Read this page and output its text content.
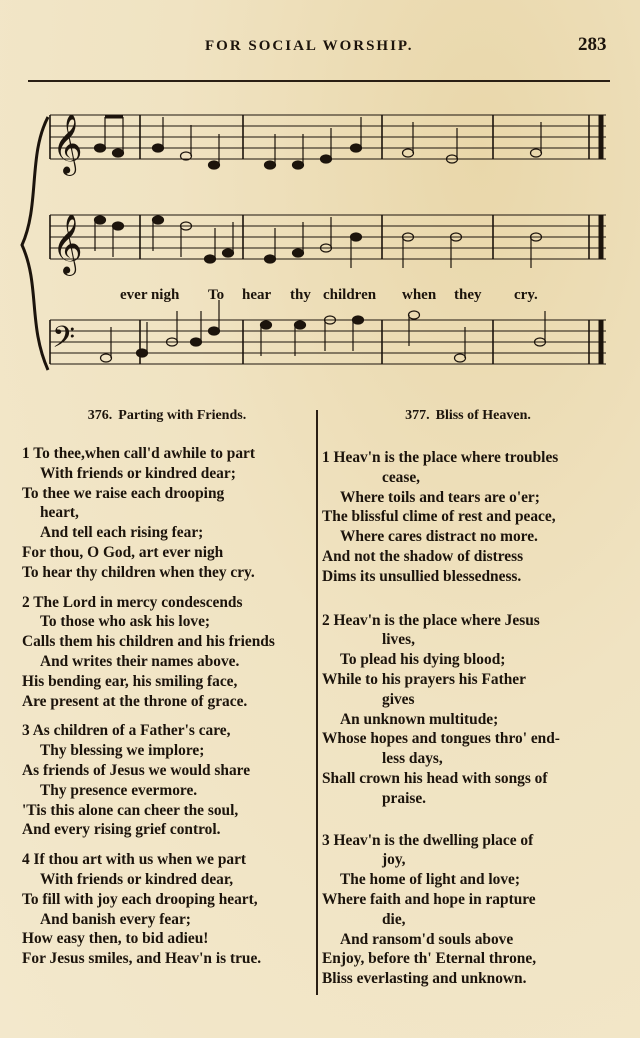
FOR SOCIAL WORSHIP.	283
𝄞
𝄞
𝄢
ever nigh To hear thy children when they cry.
376. Parting with Friends.
1 To thee,when call'd awhile to part
With friends or kindred dear;
To thee we raise each drooping
heart,
And tell each rising fear;
For thou, O God, art ever nigh
To hear thy children when they cry.
2 The Lord in mercy condescends
To those who ask his love;
Calls them his children and his friends
And writes their names above.
His bending ear, his smiling face,
Are present at the throne of grace.
3 As children of a Father's care,
Thy blessing we implore;
As friends of Jesus we would share
Thy presence evermore.
'Tis this alone can cheer the soul,
And every rising grief control.
4 If thou art with us when we part
With friends or kindred dear,
To fill with joy each drooping heart,
And banish every fear;
How easy then, to bid adieu!
For Jesus smiles, and Heav'n is true.
377. Bliss of Heaven.
1 Heav'n is the place where troubles
cease,
Where toils and tears are o'er;
The blissful clime of rest and peace,
Where cares distract no more.
And not the shadow of distress
Dims its unsullied blessedness.
2 Heav'n is the place where Jesus
lives,
To plead his dying blood;
While to his prayers his Father
gives
An unknown multitude;
Whose hopes and tongues thro' end-
less days,
Shall crown his head with songs of
praise.
3 Heav'n is the dwelling place of
joy,
The home of light and love;
Where faith and hope in rapture
die,
And ransom'd souls above
Enjoy, before th' Eternal throne,
Bliss everlasting and unknown.
